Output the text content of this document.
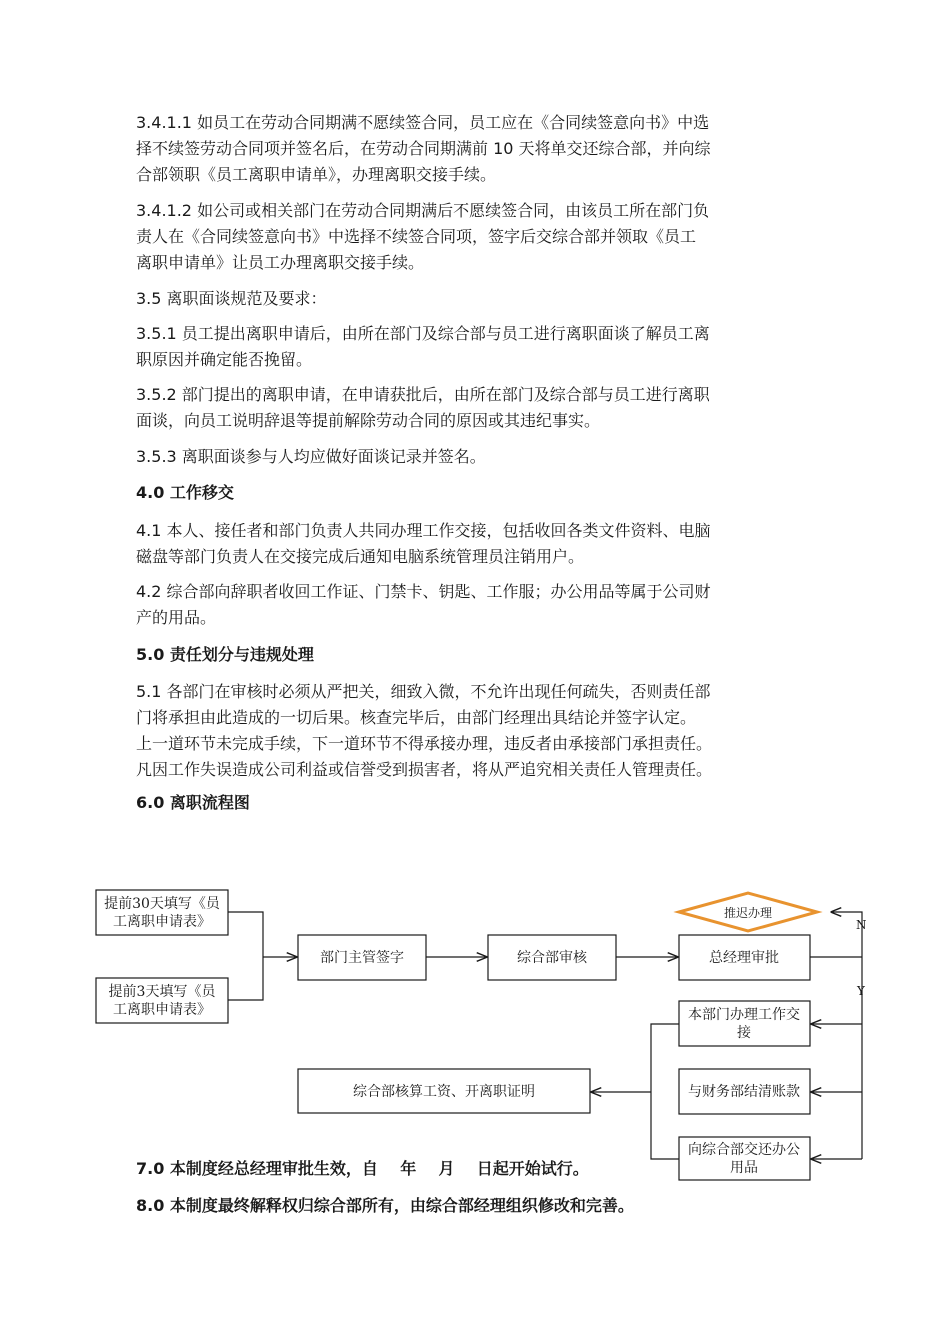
3.4.1.1 如员工在劳动合同期满不愿续签合同，员工应在《合同续签意向书》中选
择不续签劳动合同项并签名后，在劳动合同期满前 10 天将单交还综合部，并向综
合部领职《员工离职申请单》，办理离职交接手续。
3.4.1.2 如公司或相关部门在劳动合同期满后不愿续签合同，由该员工所在部门负
责人在《合同续签意向书》中选择不续签合同项，签字后交综合部并领取《员工
离职申请单》让员工办理离职交接手续。
3.5 离职面谈规范及要求：
3.5.1 员工提出离职申请后，由所在部门及综合部与员工进行离职面谈了解员工离
职原因并确定能否挽留。
3.5.2 部门提出的离职申请，在申请获批后，由所在部门及综合部与员工进行离职
面谈，向员工说明辞退等提前解除劳动合同的原因或其违纪事实。
3.5.3 离职面谈参与人均应做好面谈记录并签名。
4.0 工作移交
4.1 本人、接任者和部门负责人共同办理工作交接，包括收回各类文件资料、电脑
磁盘等部门负责人在交接完成后通知电脑系统管理员注销用户。
4.2 综合部向辞职者收回工作证、门禁卡、钥匙、工作服；办公用品等属于公司财
产的用品。
5.0 责任划分与违规处理
5.1 各部门在审核时必须从严把关，细致入微，不允许出现任何疏失，否则责任部
门将承担由此造成的一切后果。核查完毕后，由部门经理出具结论并签字认定。
上一道环节未完成手续，下一道环节不得承接办理，违反者由承接部门承担责任。
凡因工作失误造成公司利益或信誉受到损害者，将从严追究相关责任人管理责任。
6.0 离职流程图
提前30天填写《员
工离职申请表》
提前3天填写《员
工离职申请表》
部门主管签字	综合部审核	总经理审批
推迟办理
本部门办理工作交
接
与财务部结清账款
向综合部交还办公
用品
综合部核算工资、开离职证明
N
Y
7.0 本制度经总经理审批生效，自    年    月    日起开始试行。
8.0 本制度最终解释权归综合部所有，由综合部经理组织修改和完善。
